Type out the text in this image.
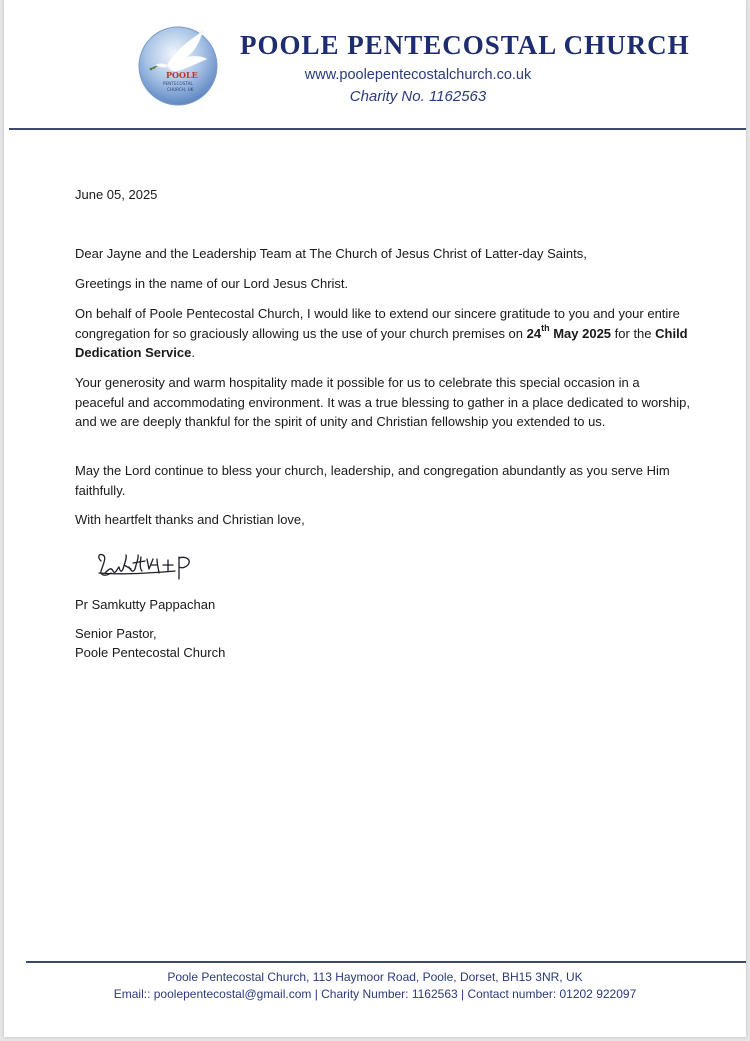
POOLE
PENTECOSTAL
CHURCH, UK
POOLE PENTECOSTAL CHURCH
www.poolepentecostalchurch.co.uk
Charity No. 1162563
June 05, 2025
Dear Jayne and the Leadership Team at The Church of Jesus Christ of Latter-day Saints,
Greetings in the name of our Lord Jesus Christ.
On behalf of Poole Pentecostal Church, I would like to extend our sincere gratitude to you and your entire congregation for so graciously allowing us the use of your church premises on 24th May 2025 for the Child Dedication Service.
Your generosity and warm hospitality made it possible for us to celebrate this special occasion in a peaceful and accommodating environment. It was a true blessing to gather in a place dedicated to worship, and we are deeply thankful for the spirit of unity and Christian fellowship you extended to us.
May the Lord continue to bless your church, leadership, and congregation abundantly as you serve Him faithfully.
With heartfelt thanks and Christian love,
Pr Samkutty Pappachan
Senior Pastor,
Poole Pentecostal Church
Poole Pentecostal Church, 113 Haymoor Road, Poole, Dorset, BH15 3NR, UK
Email:: poolepentecostal@gmail.com | Charity Number: 1162563 | Contact number: 01202 922097
